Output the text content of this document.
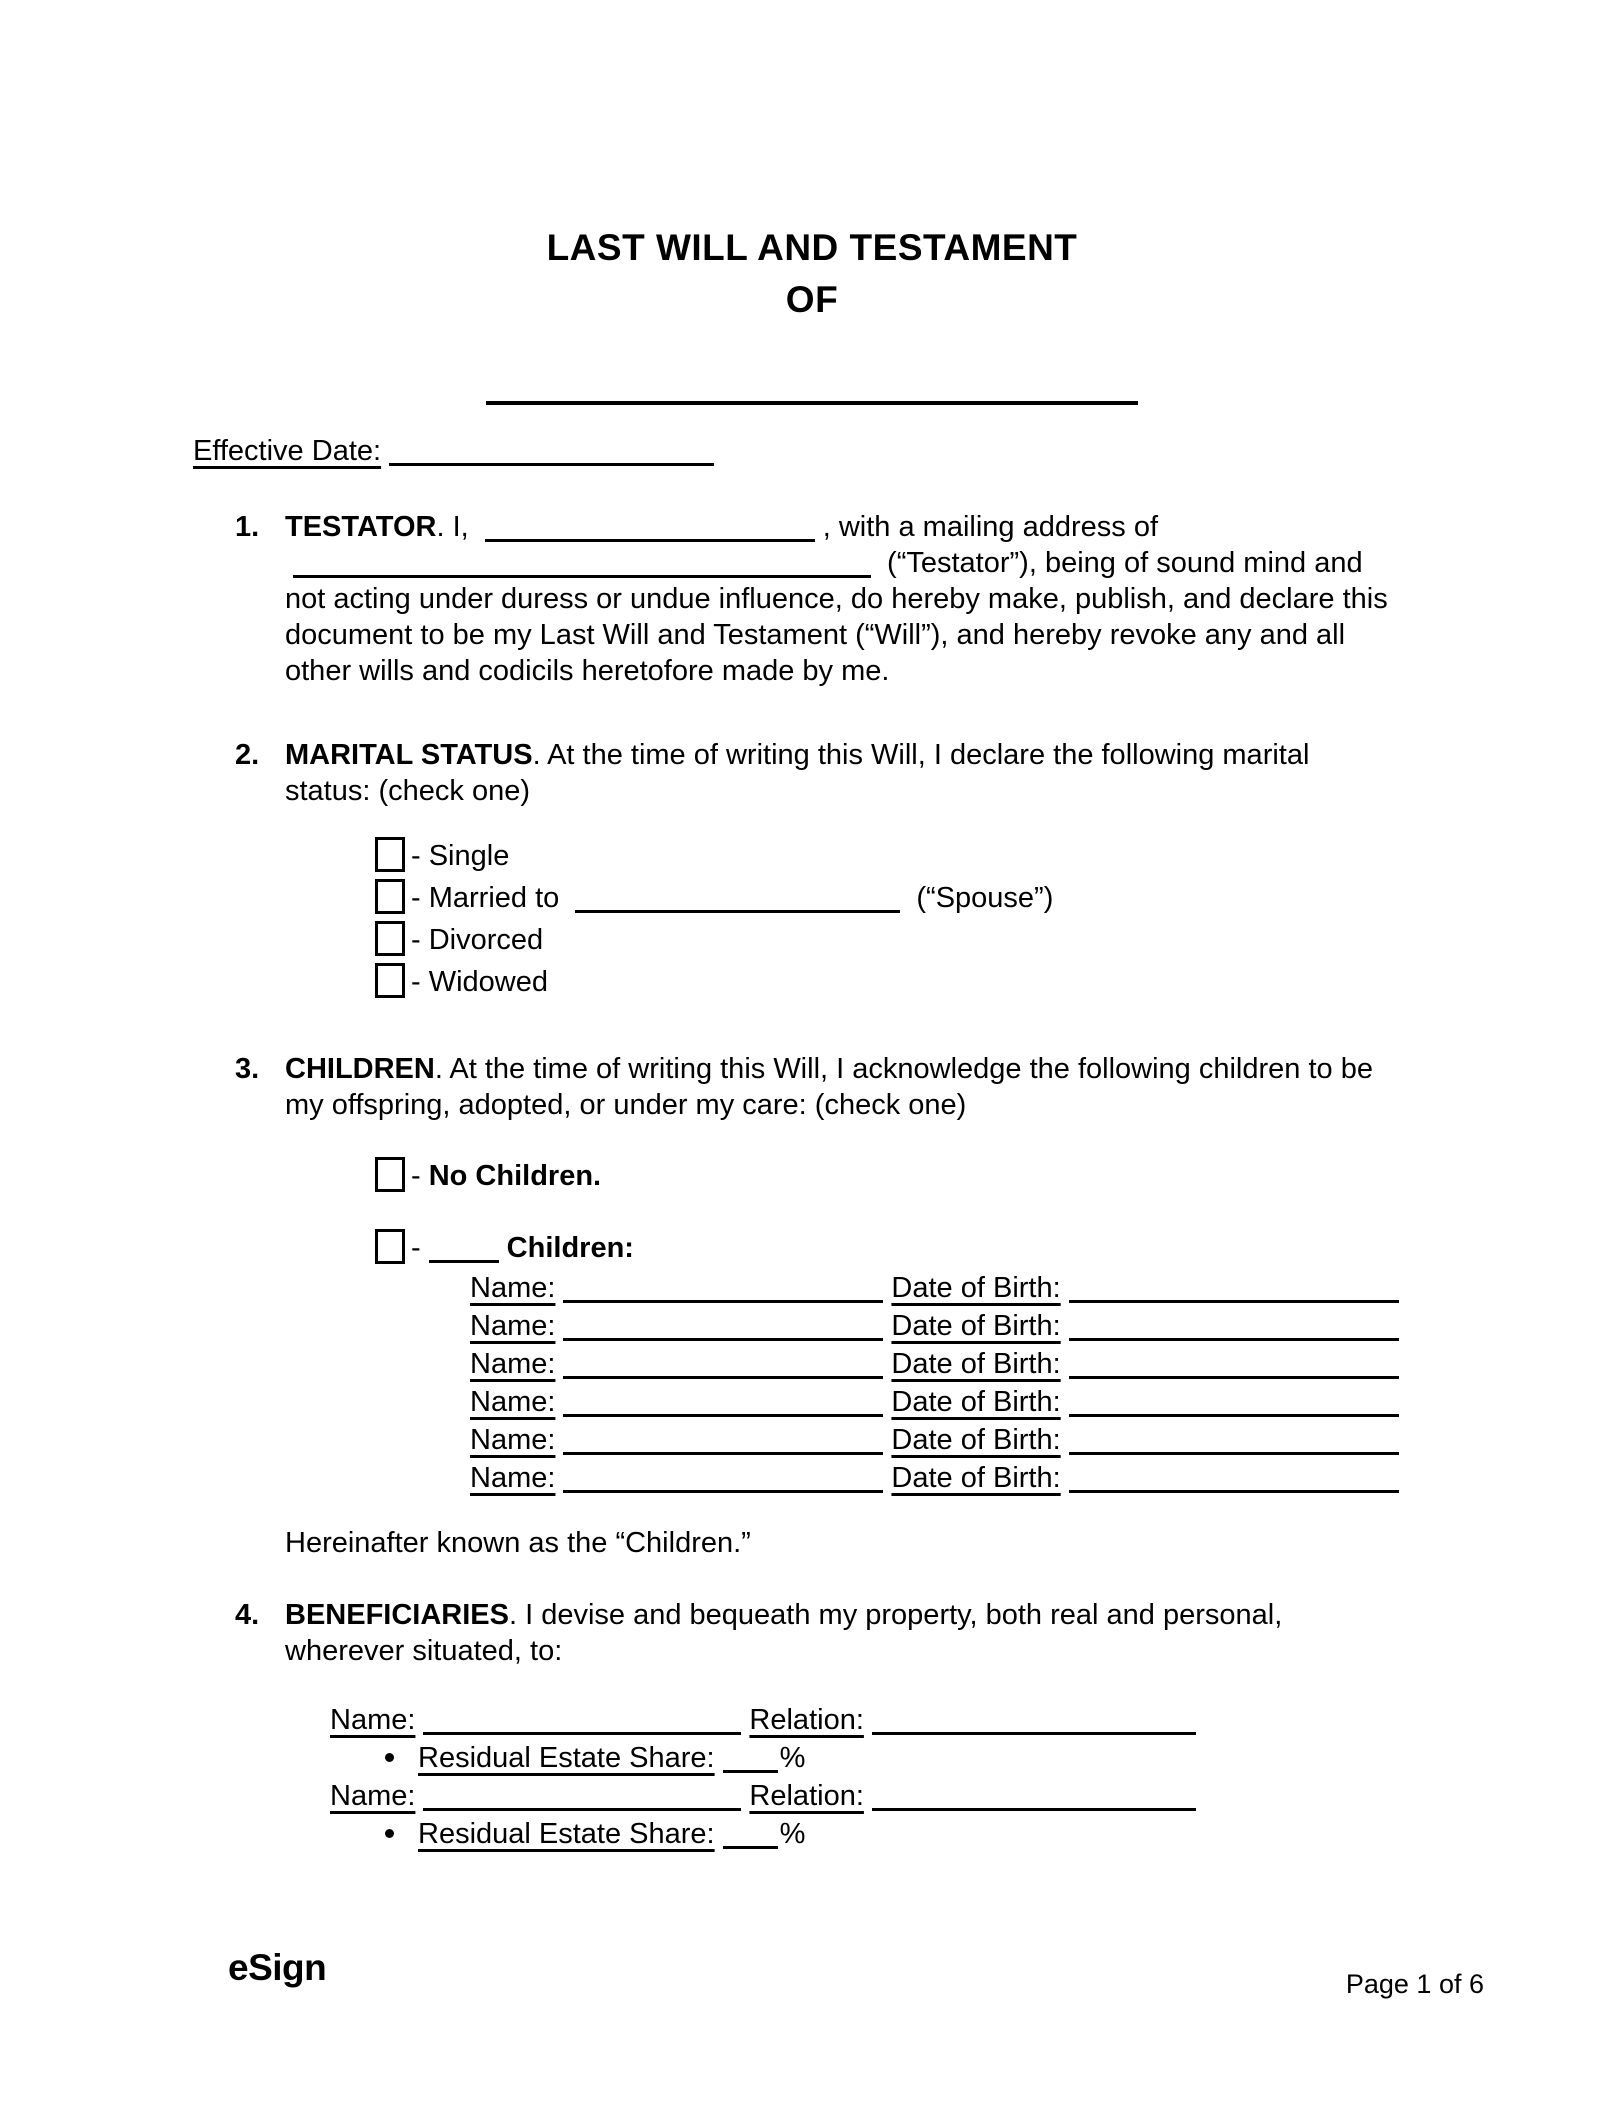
LAST WILL AND TESTAMENT
OF
Effective Date:
1. TESTATOR. I,	, with a mailing address of  (“Testator”), being of sound mind and not acting under duress or undue influence, do hereby make, publish, and declare this document to be my Last Will and Testament (“Will”), and hereby revoke any and all other wills and codicils heretofore made by me.
2. MARITAL STATUS. At the time of writing this Will, I declare the following marital status: (check one)
- Single
- Married to	(“Spouse”)
- Divorced
- Widowed
3. CHILDREN. At the time of writing this Will, I acknowledge the following children to be my offspring, adopted, or under my care: (check one)
- No Children.
-	Children:
Name:	Date of Birth:
Name:	Date of Birth:
Name:	Date of Birth:
Name:	Date of Birth:
Name:	Date of Birth:
Name:	Date of Birth:
Hereinafter known as the “Children.”
4. BENEFICIARIES. I devise and bequeath my property, both real and personal, wherever situated, to:
Name:	Relation:
Residual Estate Share: %
Name:	Relation:
Residual Estate Share: %
eSign	Page 1 of 6
